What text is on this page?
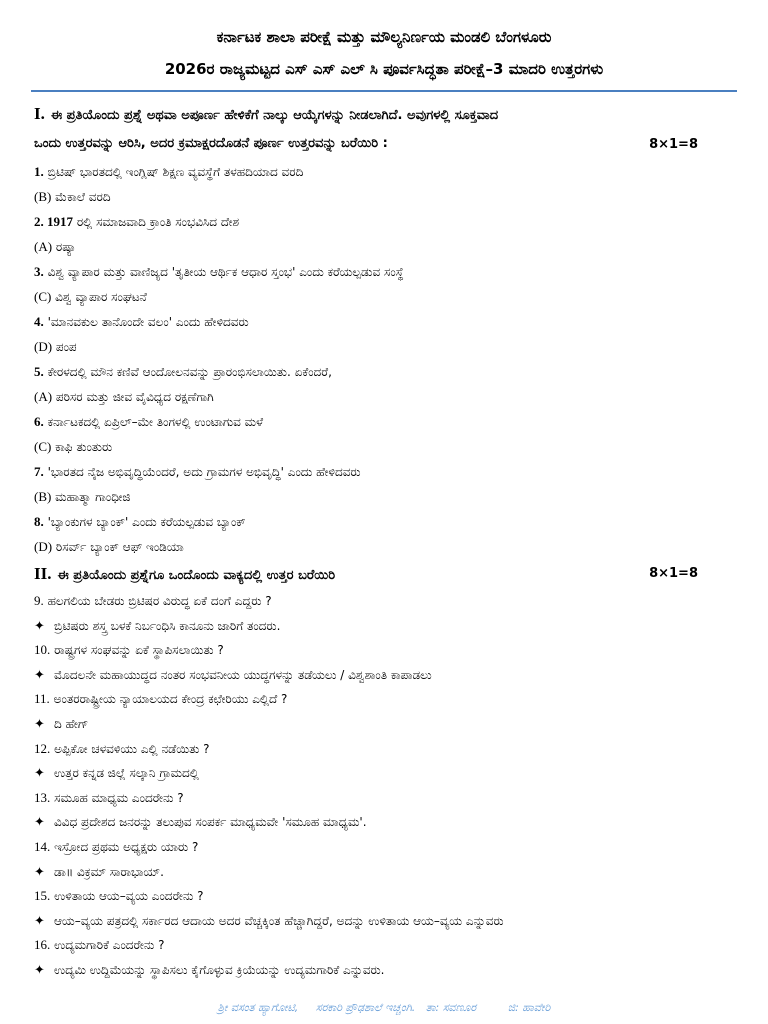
ಕರ್ನಾಟಕ ಶಾಲಾ ಪರೀಕ್ಷೆ ಮತ್ತು ಮೌಲ್ಯನಿರ್ಣಯ ಮಂಡಲಿ ಬೆಂಗಳೂರು
2026ರ ರಾಜ್ಯಮಟ್ಟದ ಎಸ್ ಎಸ್ ಎಲ್ ಸಿ ಪೂರ್ವಸಿದ್ಧತಾ ಪರೀಕ್ಷೆ–3 ಮಾದರಿ ಉತ್ತರಗಳು
I. ಈ ಪ್ರತಿಯೊಂದು ಪ್ರಶ್ನೆ ಅಥವಾ ಅಪೂರ್ಣ ಹೇಳಿಕೆಗೆ ನಾಲ್ಕು ಆಯ್ಕೆಗಳನ್ನು ನೀಡಲಾಗಿದೆ. ಅವುಗಳಲ್ಲಿ ಸೂಕ್ತವಾದ
ಒಂದು ಉತ್ತರವನ್ನು ಆರಿಸಿ, ಅದರ ಕ್ರಮಾಕ್ಷರದೊಡನೆ ಪೂರ್ಣ ಉತ್ತರವನ್ನು ಬರೆಯಿರಿ :	8×1=8
1. ಬ್ರಿಟಿಷ್ ಭಾರತದಲ್ಲಿ ಇಂಗ್ಲಿಷ್ ಶಿಕ್ಷಣ ವ್ಯವಸ್ಥೆಗೆ ತಳಹದಿಯಾದ ವರದಿ
(B) ಮೆಕಾಲೆ ವರದಿ
2. 1917 ರಲ್ಲಿ ಸಮಾಜವಾದಿ ಕ್ರಾಂತಿ ಸಂಭವಿಸಿದ ದೇಶ
(A) ರಷ್ಯಾ
3. ವಿಶ್ವ ವ್ಯಾಪಾರ ಮತ್ತು ವಾಣಿಜ್ಯದ 'ತೃತೀಯ ಆರ್ಥಿಕ ಆಧಾರ ಸ್ತಂಭ' ಎಂದು ಕರೆಯಲ್ಪಡುವ ಸಂಸ್ಥೆ
(C) ವಿಶ್ವ ವ್ಯಾಪಾರ ಸಂಘಟನೆ
4. 'ಮಾನವಕುಲ ತಾನೊಂದೇ ವಲಂ' ಎಂದು ಹೇಳಿದವರು
(D) ಪಂಪ
5. ಕೇರಳದಲ್ಲಿ ಮೌನ ಕಣಿವೆ ಆಂದೋಲನವನ್ನು ಪ್ರಾರಂಭಿಸಲಾಯಿತು. ಏಕೆಂದರೆ,
(A) ಪರಿಸರ ಮತ್ತು ಜೀವ ವೈವಿಧ್ಯದ ರಕ್ಷಣೆಗಾಗಿ
6. ಕರ್ನಾಟಕದಲ್ಲಿ ಏಪ್ರಿಲ್–ಮೇ ತಿಂಗಳಲ್ಲಿ ಉಂಟಾಗುವ ಮಳೆ
(C) ಕಾಫಿ ತುಂತುರು
7. 'ಭಾರತದ ನೈಜ ಅಭಿವೃದ್ಧಿಯೆಂದರೆ, ಅದು ಗ್ರಾಮಗಳ ಅಭಿವೃದ್ಧಿ' ಎಂದು ಹೇಳಿದವರು
(B) ಮಹಾತ್ಮಾ ಗಾಂಧೀಜಿ
8. 'ಬ್ಯಾಂಕುಗಳ ಬ್ಯಾಂಕ್' ಎಂದು ಕರೆಯಲ್ಪಡುವ ಬ್ಯಾಂಕ್
(D) ರಿಸರ್ವ್ ಬ್ಯಾಂಕ್ ಆಫ್ ಇಂಡಿಯಾ
II. ಈ ಪ್ರತಿಯೊಂದು ಪ್ರಶ್ನೆಗೂ ಒಂದೊಂದು ವಾಕ್ಯದಲ್ಲಿ ಉತ್ತರ ಬರೆಯಿರಿ	8×1=8
9. ಹಲಗಲಿಯ ಬೇಡರು ಬ್ರಿಟಿಷರ ವಿರುದ್ಧ ಏಕೆ ದಂಗೆ ಎದ್ದರು ?
✦ ಬ್ರಿಟಿಷರು ಶಸ್ತ್ರ ಬಳಕೆ ನಿರ್ಬಂಧಿಸಿ ಕಾನೂನು ಜಾರಿಗೆ ತಂದರು.
10. ರಾಷ್ಟ್ರಗಳ ಸಂಘವನ್ನು ಏಕೆ ಸ್ಥಾಪಿಸಲಾಯಿತು ?
✦ ಮೊದಲನೇ ಮಹಾಯುದ್ಧದ ನಂತರ ಸಂಭವನೀಯ ಯುದ್ಧಗಳನ್ನು ತಡೆಯಲು / ವಿಶ್ವಶಾಂತಿ ಕಾಪಾಡಲು
11. ಅಂತರರಾಷ್ಟ್ರೀಯ ನ್ಯಾಯಾಲಯದ ಕೇಂದ್ರ ಕಛೇರಿಯು ಎಲ್ಲಿದೆ ?
✦ ದಿ ಹೇಗ್
12. ಅಪ್ಪಿಕೋ ಚಳವಳಿಯು ಎಲ್ಲಿ ನಡೆಯಿತು ?
✦ ಉತ್ತರ ಕನ್ನಡ ಜಿಲ್ಲೆ ಸಲ್ಕಾನಿ ಗ್ರಾಮದಲ್ಲಿ
13. ಸಮೂಹ ಮಾಧ್ಯಮ ಎಂದರೇನು ?
✦ ವಿವಿಧ ಪ್ರದೇಶದ ಜನರನ್ನು ತಲುಪುವ ಸಂಪರ್ಕ ಮಾಧ್ಯಮವೇ 'ಸಮೂಹ ಮಾಧ್ಯಮ'.
14. ಇಸ್ರೋದ ಪ್ರಥಮ ಅಧ್ಯಕ್ಷರು ಯಾರು ?
✦ ಡಾ॥ ವಿಕ್ರಮ್ ಸಾರಾಭಾಯ್.
15. ಉಳಿತಾಯ ಆಯ–ವ್ಯಯ ಎಂದರೇನು ?
✦ ಆಯ–ವ್ಯಯ ಪತ್ರದಲ್ಲಿ ಸರ್ಕಾರದ ಆದಾಯ ಅದರ ವೆಚ್ಚಕ್ಕಿಂತ ಹೆಚ್ಚಾಗಿದ್ದರೆ, ಅದನ್ನು ಉಳಿತಾಯ ಆಯ–ವ್ಯಯ ಎನ್ನುವರು
16. ಉದ್ಯಮಗಾರಿಕೆ ಎಂದರೇನು ?
✦ ಉದ್ಯಮಿ ಉದ್ದಿಮೆಯನ್ನು ಸ್ಥಾಪಿಸಲು ಕೈಗೊಳ್ಳುವ ಕ್ರಿಯೆಯನ್ನು ಉದ್ಯಮಗಾರಿಕೆ ಎನ್ನುವರು.
ಶ್ರೀ ವಸಂತ ಹ್ಯಾಗೋಟಿ,     ಸರಕಾರಿ ಪ್ರೌಢಶಾಲೆ ಇಚ್ಚಂಗಿ.   ತಾ: ಸವಣೂರ         ಜಿ: ಹಾವೇರಿ
